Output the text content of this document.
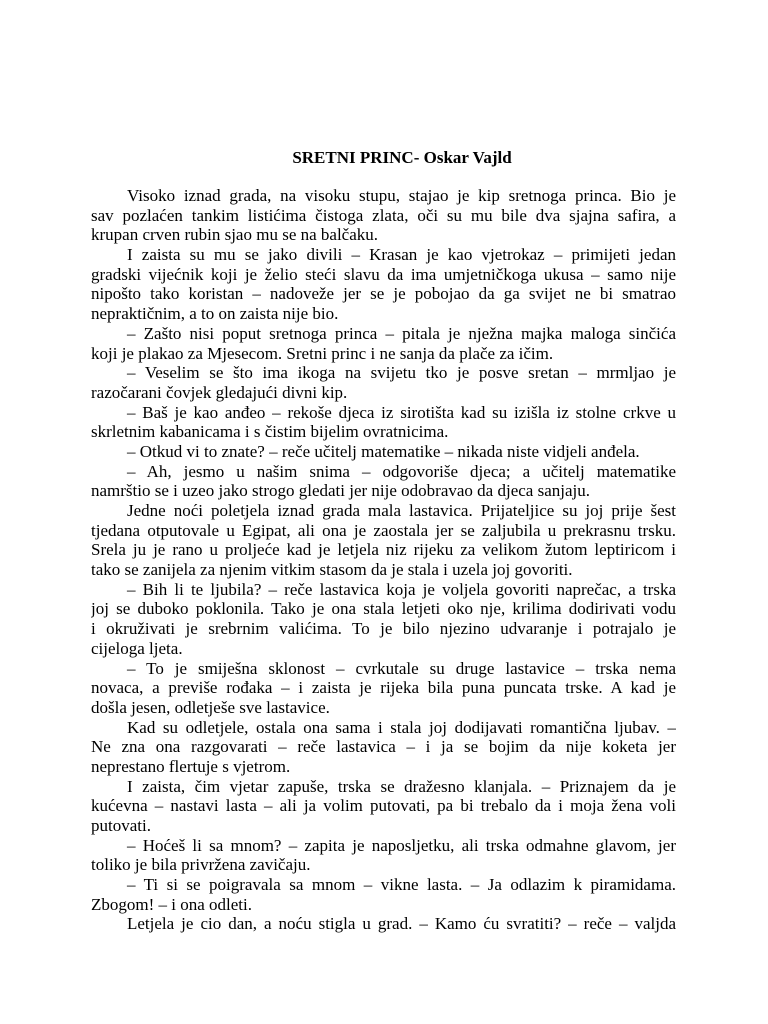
SRETNI PRINC- Oskar Vajld

Visoko iznad grada, na visoku stupu, stajao je kip sretnoga princa. Bio je
sav pozlaćen tankim listićima čistoga zlata, oči su mu bile dva sjajna safira, a
krupan crven rubin sjao mu se na balčaku.

I zaista su mu se jako divili – Krasan je kao vjetrokaz – primijeti jedan
gradski vijećnik koji je želio steći slavu da ima umjetničkoga ukusa – samo nije
nipošto tako koristan – nadoveže jer se je pobojao da ga svijet ne bi smatrao
nepraktičnim, a to on zaista nije bio.

– Zašto nisi poput sretnoga princa – pitala je nježna majka maloga sinčića
koji je plakao za Mjesecom. Sretni princ i ne sanja da plače za ičim.

– Veselim se što ima ikoga na svijetu tko je posve sretan – mrmljao je
razočarani čovjek gledajući divni kip.

– Baš je kao anđeo – rekoše djeca iz sirotišta kad su izišla iz stolne crkve u
skrletnim kabanicama i s čistim bijelim ovratnicima.

– Otkud vi to znate? – reče učitelj matematike – nikada niste vidjeli anđela.

– Ah, jesmo u našim snima – odgovoriše djeca; a učitelj matematike
namrštio se i uzeo jako strogo gledati jer nije odobravao da djeca sanjaju.

Jedne noći poletjela iznad grada mala lastavica. Prijateljice su joj prije šest
tjedana otputovale u Egipat, ali ona je zaostala jer se zaljubila u prekrasnu trsku.
Srela ju je rano u proljeće kad je letjela niz rijeku za velikom žutom leptiricom i
tako se zanijela za njenim vitkim stasom da je stala i uzela joj govoriti.

– Bih li te ljubila? – reče lastavica koja je voljela govoriti naprečac, a trska
joj se duboko poklonila. Tako je ona stala letjeti oko nje, krilima dodirivati vodu
i okruživati je srebrnim valićima. To je bilo njezino udvaranje i potrajalo je
cijeloga ljeta.

– To je smiješna sklonost – cvrkutale su druge lastavice – trska nema
novaca, a previše rođaka – i zaista je rijeka bila puna puncata trske. A kad je
došla jesen, odletješe sve lastavice.

Kad su odletjele, ostala ona sama i stala joj dodijavati romantična ljubav. –
Ne zna ona razgovarati – reče lastavica – i ja se bojim da nije koketa jer
neprestano flertuje s vjetrom.

I zaista, čim vjetar zapuše, trska se dražesno klanjala. – Priznajem da je
kućevna – nastavi lasta – ali ja volim putovati, pa bi trebalo da i moja žena voli
putovati.

– Hoćeš li sa mnom? – zapita je naposljetku, ali trska odmahne glavom, jer
toliko je bila privržena zavičaju.

– Ti si se poigravala sa mnom – vikne lasta. – Ja odlazim k piramidama.
Zbogom! – i ona odleti.

Letjela je cio dan, a noću stigla u grad. – Kamo ću svratiti? – reče – valjda
